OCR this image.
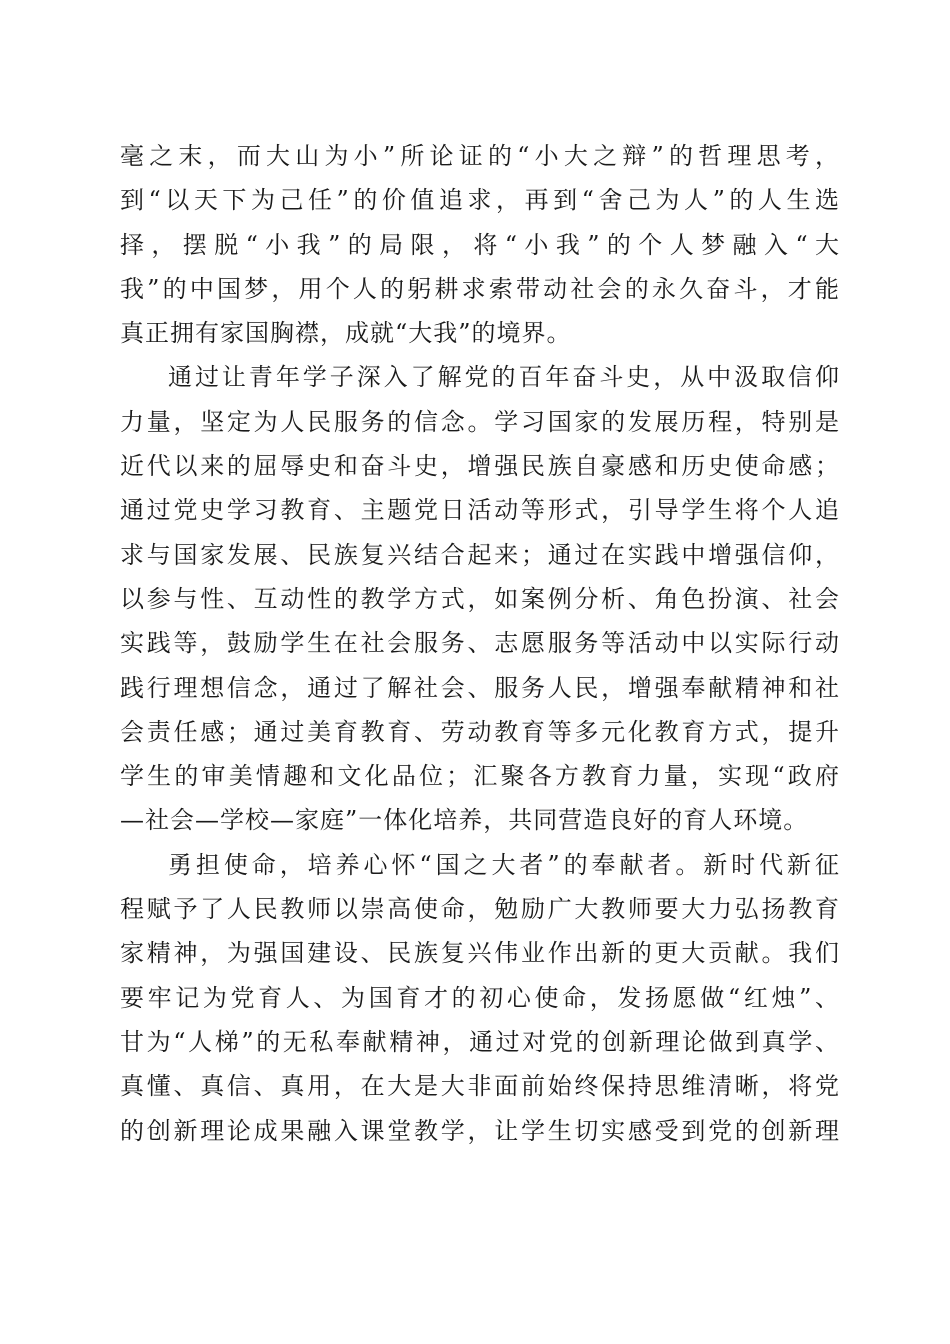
毫之末，而大山为小”所论证的“小大之辩”的哲理思考，
到“以天下为己任”的价值追求，再到“舍己为人”的人生选
择，摆脱“小我”的局限，将“小我”的个人梦融入“大
我”的中国梦，用个人的躬耕求索带动社会的永久奋斗，才能
真正拥有家国胸襟，成就“大我”的境界。
通过让青年学子深入了解党的百年奋斗史，从中汲取信仰
力量，坚定为人民服务的信念。学习国家的发展历程，特别是
近代以来的屈辱史和奋斗史，增强民族自豪感和历史使命感；
通过党史学习教育、主题党日活动等形式，引导学生将个人追
求与国家发展、民族复兴结合起来；通过在实践中增强信仰，
以参与性、互动性的教学方式，如案例分析、角色扮演、社会
实践等，鼓励学生在社会服务、志愿服务等活动中以实际行动
践行理想信念，通过了解社会、服务人民，增强奉献精神和社
会责任感；通过美育教育、劳动教育等多元化教育方式，提升
学生的审美情趣和文化品位；汇聚各方教育力量，实现“政府
—社会—学校—家庭”一体化培养，共同营造良好的育人环境。
勇担使命，培养心怀“国之大者”的奉献者。新时代新征
程赋予了人民教师以崇高使命，勉励广大教师要大力弘扬教育
家精神，为强国建设、民族复兴伟业作出新的更大贡献。我们
要牢记为党育人、为国育才的初心使命，发扬愿做“红烛”、
甘为“人梯”的无私奉献精神，通过对党的创新理论做到真学、
真懂、真信、真用，在大是大非面前始终保持思维清晰，将党
的创新理论成果融入课堂教学，让学生切实感受到党的创新理
